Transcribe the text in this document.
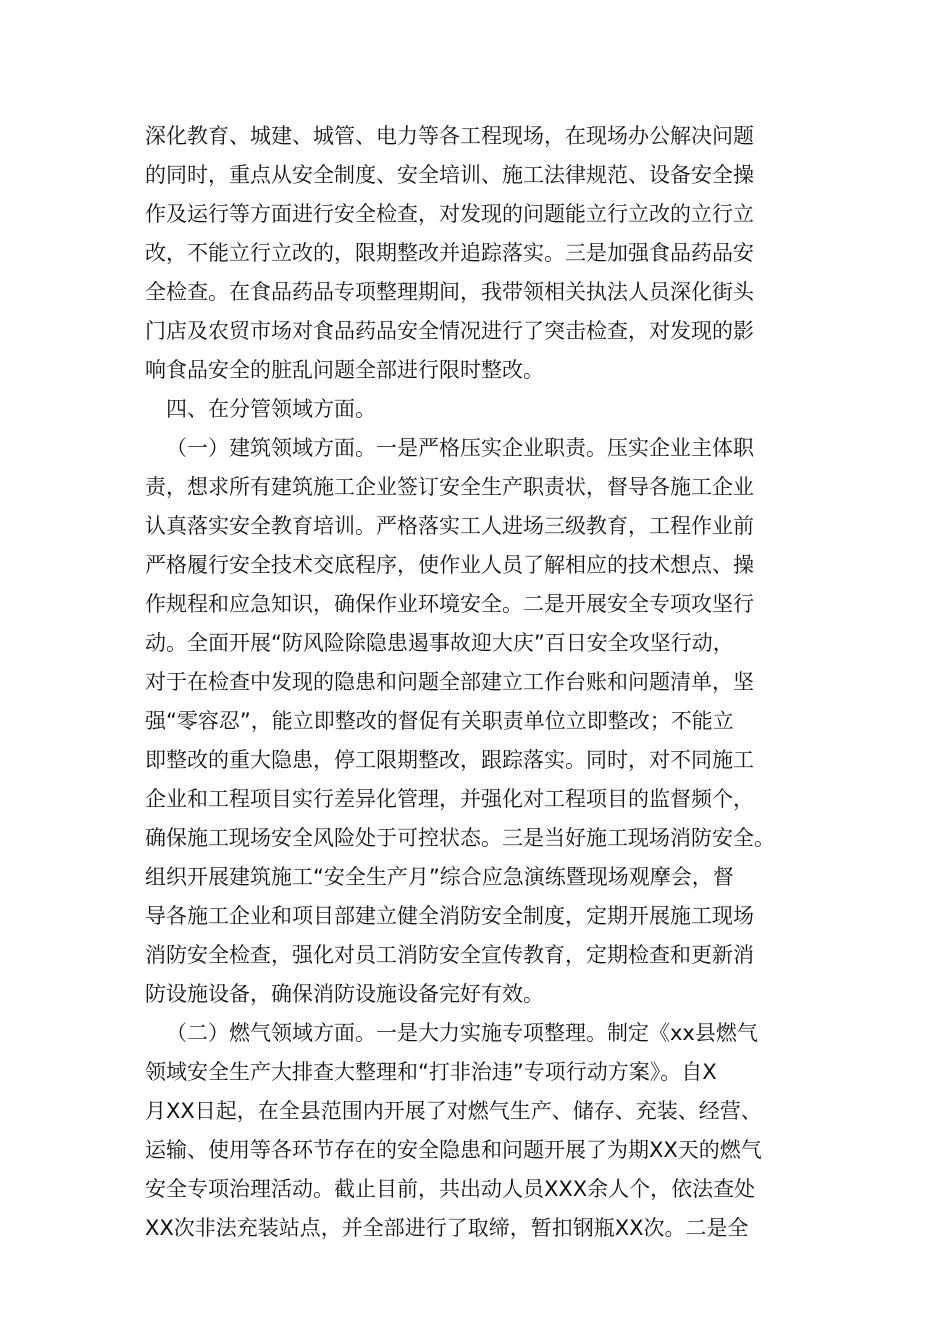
深化教育、城建、城管、电力等各工程现场，在现场办公解决问题
的同时，重点从安全制度、安全培训、施工法律规范、设备安全操
作及运行等方面进行安全检查，对发现的问题能立行立改的立行立
改，不能立行立改的，限期整改并追踪落实。三是加强食品药品安
全检查。在食品药品专项整理期间，我带领相关执法人员深化街头
门店及农贸市场对食品药品安全情况进行了突击检查，对发现的影
响食品安全的脏乱问题全部进行限时整改。
四、在分管领域方面。
（一）建筑领域方面。一是严格压实企业职责。压实企业主体职
责，想求所有建筑施工企业签订安全生产职责状，督导各施工企业
认真落实安全教育培训。严格落实工人进场三级教育，工程作业前
严格履行安全技术交底程序，使作业人员了解相应的技术想点、操
作规程和应急知识，确保作业环境安全。二是开展安全专项攻坚行
动。全面开展“防风险除隐患遏事故迎大庆”百日安全攻坚行动，
对于在检查中发现的隐患和问题全部建立工作台账和问题清单，坚
强“零容忍”，能立即整改的督促有关职责单位立即整改；不能立
即整改的重大隐患，停工限期整改，跟踪落实。同时，对不同施工
企业和工程项目实行差异化管理，并强化对工程项目的监督频个，
确保施工现场安全风险处于可控状态。三是当好施工现场消防安全。
组织开展建筑施工“安全生产月”综合应急演练暨现场观摩会，督
导各施工企业和项目部建立健全消防安全制度，定期开展施工现场
消防安全检查，强化对员工消防安全宣传教育，定期检查和更新消
防设施设备，确保消防设施设备完好有效。
（二）燃气领域方面。一是大力实施专项整理。制定《xx县燃气
领域安全生产大排查大整理和“打非治违”专项行动方案》。自X
月XX日起，在全县范围内开展了对燃气生产、储存、充装、经营、
运输、使用等各环节存在的安全隐患和问题开展了为期XX天的燃气
安全专项治理活动。截止目前，共出动人员XXX余人个，依法查处
XX次非法充装站点，并全部进行了取缔，暂扣钢瓶XX次。二是全
